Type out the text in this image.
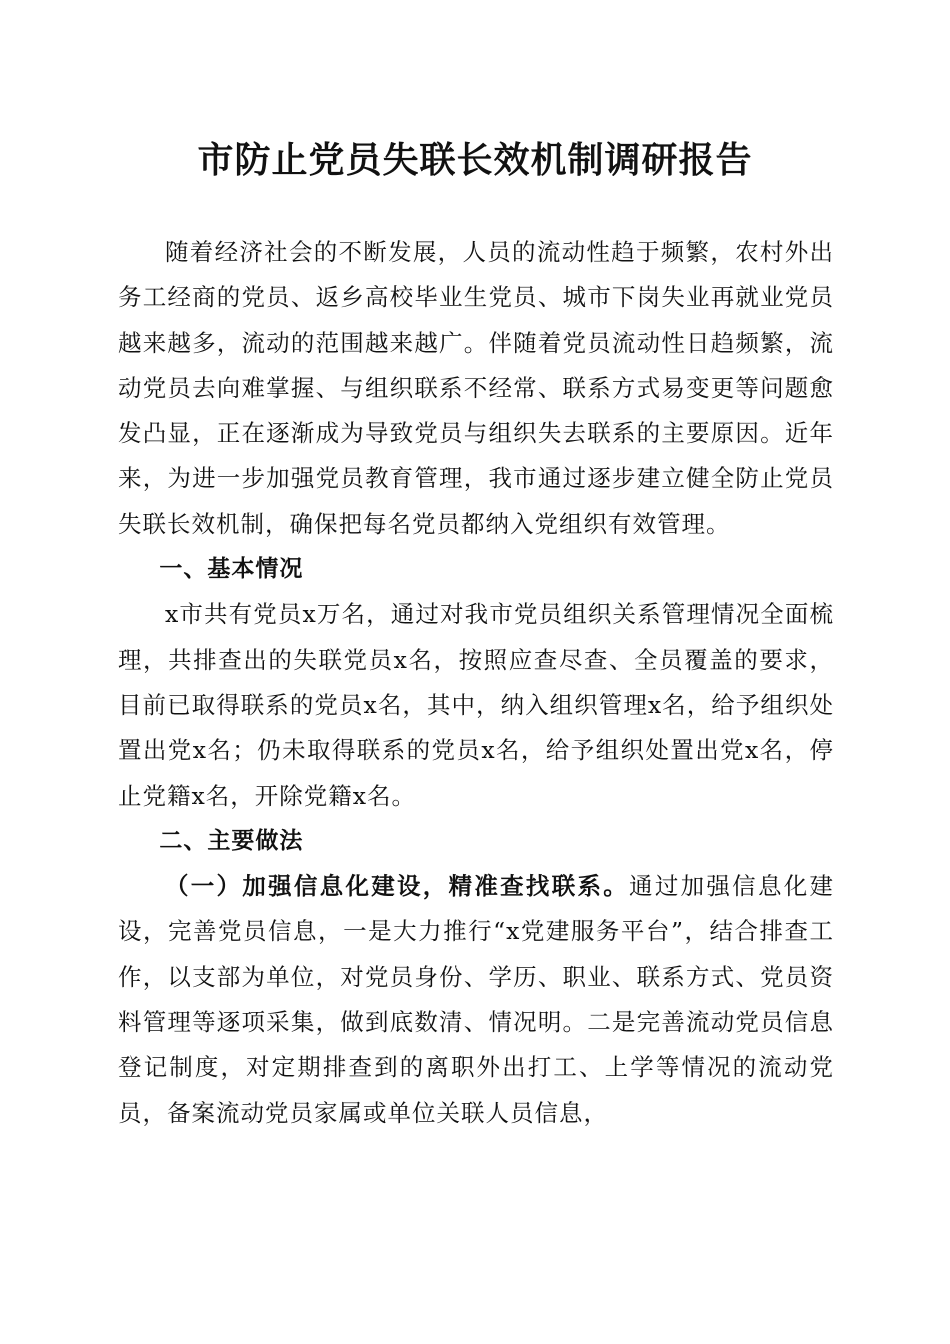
市防止党员失联长效机制调研报告

随着经济社会的不断发展，人员的流动性趋于频繁，农村外出务工经商的党员、返乡高校毕业生党员、城市下岗失业再就业党员越来越多，流动的范围越来越广。伴随着党员流动性日趋频繁，流动党员去向难掌握、与组织联系不经常、联系方式易变更等问题愈发凸显，正在逐渐成为导致党员与组织失去联系的主要原因。近年来，为进一步加强党员教育管理，我市通过逐步建立健全防止党员失联长效机制，确保把每名党员都纳入党组织有效管理。

一、基本情况

x市共有党员x万名，通过对我市党员组织关系管理情况全面梳理，共排查出的失联党员x名，按照应查尽查、全员覆盖的要求，目前已取得联系的党员x名，其中，纳入组织管理x名，给予组织处置出党x名；仍未取得联系的党员x名，给予组织处置出党x名，停止党籍x名，开除党籍x名。

二、主要做法

（一）加强信息化建设，精准查找联系。通过加强信息化建设，完善党员信息，一是大力推行“x党建服务平台”，结合排查工作，以支部为单位，对党员身份、学历、职业、联系方式、党员资料管理等逐项采集，做到底数清、情况明。二是完善流动党员信息登记制度，对定期排查到的离职外出打工、上学等情况的流动党员，备案流动党员家属或单位关联人员信息，
